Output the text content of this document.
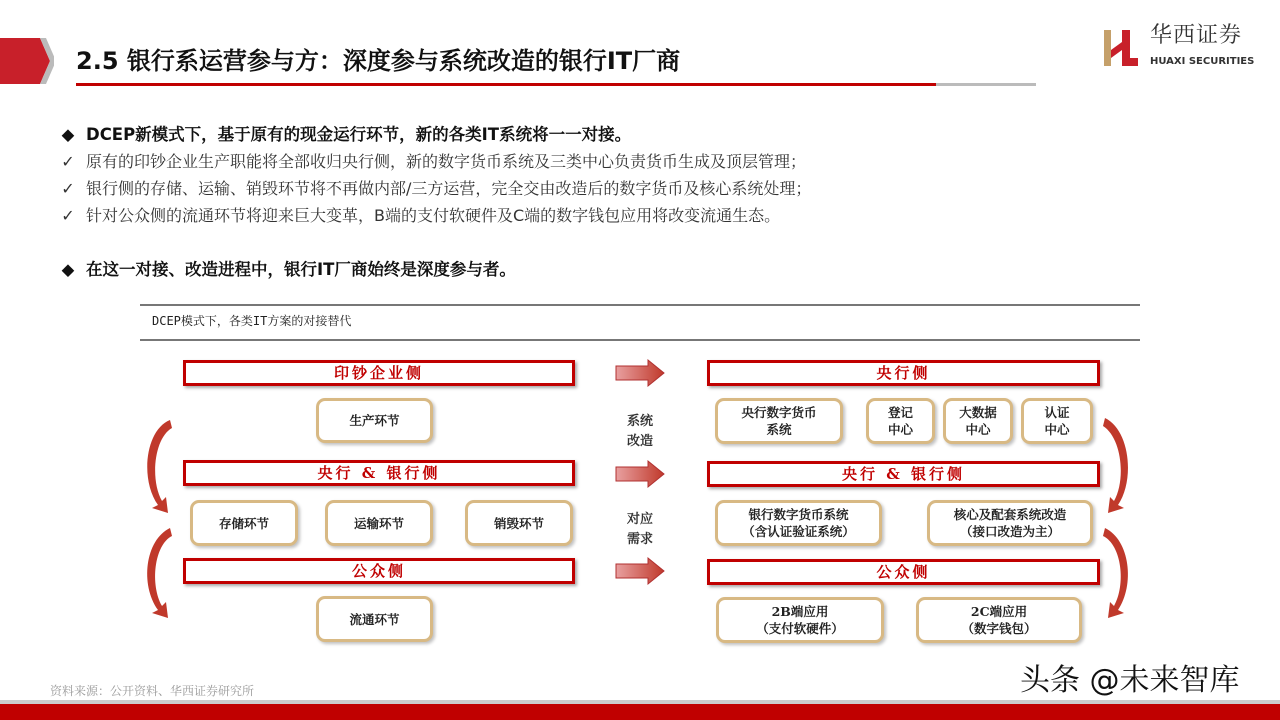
2.5 银行系运营参与方：深度参与系统改造的银行IT厂商
华西证券
HUAXI SECURITIES
◆ DCEP新模式下，基于原有的现金运行环节，新的各类IT系统将一一对接。
✓ 原有的印钞企业生产职能将全部收归央行侧，新的数字货币系统及三类中心负责货币生成及顶层管理；
✓ 银行侧的存储、运输、销毁环节将不再做内部/三方运营，完全交由改造后的数字货币及核心系统处理；
✓ 针对公众侧的流通环节将迎来巨大变革，B端的支付软硬件及C端的数字钱包应用将改变流通生态。
◆ 在这一对接、改造进程中，银行IT厂商始终是深度参与者。
DCEP模式下，各类IT方案的对接替代
印钞企业侧
生产环节
央行 & 银行侧
存储环节	运输环节	销毁环节
公众侧
流通环节
系统
改造
对应
需求
央行侧
央行数字货币
系统
登记
中心
大数据
中心
认证
中心
央行 & 银行侧
银行数字货币系统
（含认证验证系统）
核心及配套系统改造
（接口改造为主）
公众侧
2B端应用
（支付软硬件）
2C端应用
（数字钱包）
资料来源：公开资料、华西证券研究所	头条 @未来智库
